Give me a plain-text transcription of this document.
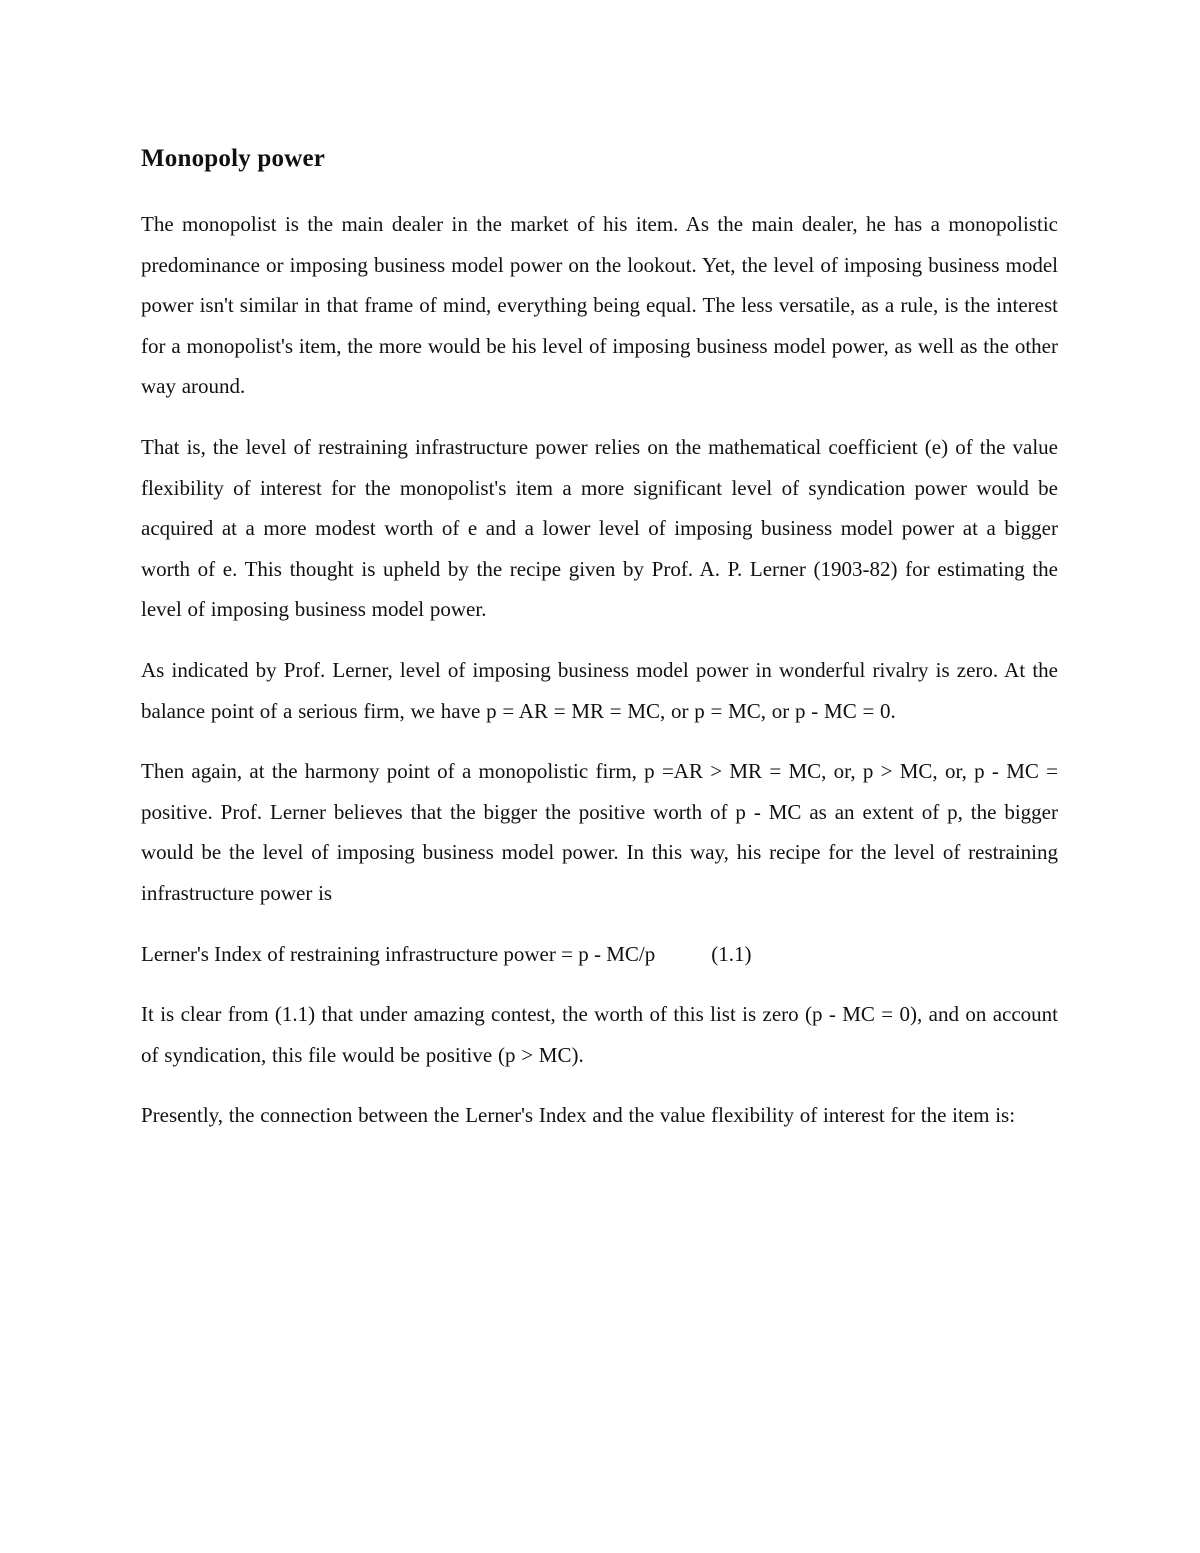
Monopoly power

The monopolist is the main dealer in the market of his item. As the main dealer, he has a monopolistic predominance or imposing business model power on the lookout. Yet, the level of imposing business model power isn't similar in that frame of mind, everything being equal. The less versatile, as a rule, is the interest for a monopolist's item, the more would be his level of imposing business model power, as well as the other way around.

That is, the level of restraining infrastructure power relies on the mathematical coefficient (e) of the value flexibility of interest for the monopolist's item a more significant level of syndication power would be acquired at a more modest worth of e and a lower level of imposing business model power at a bigger worth of e. This thought is upheld by the recipe given by Prof. A. P. Lerner (1903-82) for estimating the level of imposing business model power.

As indicated by Prof. Lerner, level of imposing business model power in wonderful rivalry is zero. At the balance point of a serious firm, we have p = AR = MR = MC, or p = MC, or p - MC = 0.

Then again, at the harmony point of a monopolistic firm, p =AR > MR = MC, or, p > MC, or, p - MC = positive. Prof. Lerner believes that the bigger the positive worth of p - MC as an extent of p, the bigger would be the level of imposing business model power. In this way, his recipe for the level of restraining infrastructure power is

Lerner's Index of restraining infrastructure power = p - MC/p	(1.1)

It is clear from (1.1) that under amazing contest, the worth of this list is zero (p - MC = 0), and on account of syndication, this file would be positive (p > MC).

Presently, the connection between the Lerner's Index and the value flexibility of interest for the item is:
